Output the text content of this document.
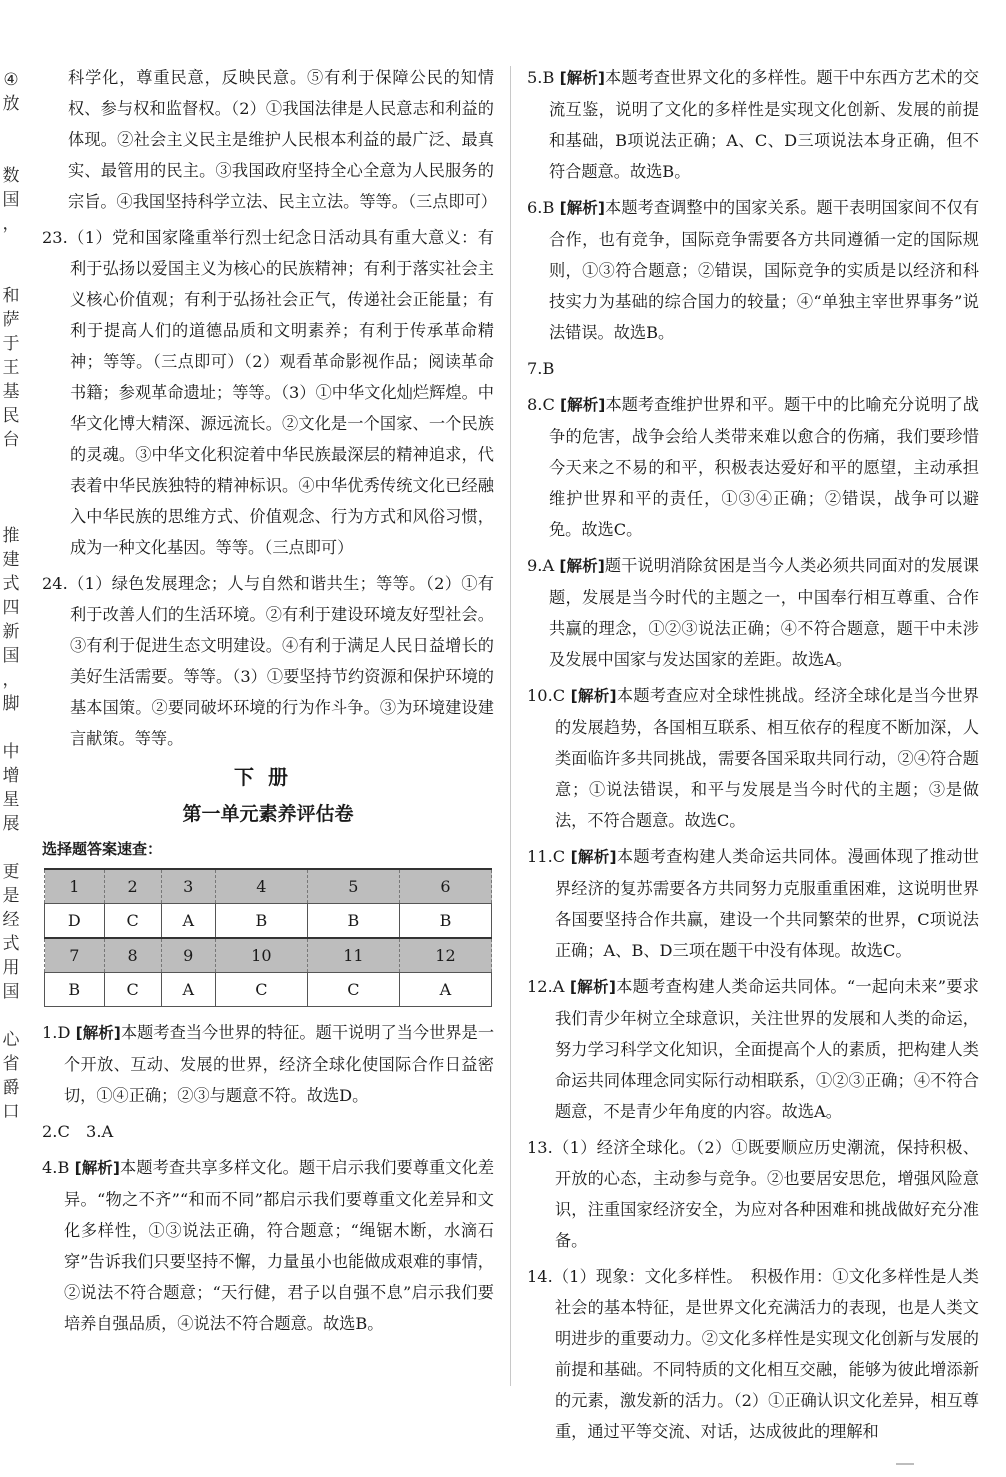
④
放

数
国
，

和
萨
于
王
基
民
台

推
建
式
四
新
国
，
脚

中
增
星
展

更
是
经
式
用
国

心
省
爵
口
科学化，尊重民意，反映民意。⑤有利于保障公民的知情权、参与权和监督权。（2）①我国法律是人民意志和利益的体现。②社会主义民主是维护人民根本利益的最广泛、最真实、最管用的民主。③我国政府坚持全心全意为人民服务的宗旨。④我国坚持科学立法、民主立法。等等。（三点即可）
23.（1）党和国家隆重举行烈士纪念日活动具有重大意义：有利于弘扬以爱国主义为核心的民族精神；有利于落实社会主义核心价值观；有利于弘扬社会正气，传递社会正能量；有利于提高人们的道德品质和文明素养；有利于传承革命精神；等等。（三点即可）（2）观看革命影视作品；阅读革命书籍；参观革命遗址；等等。（3）①中华文化灿烂辉煌。中华文化博大精深、源远流长。②文化是一个国家、一个民族的灵魂。③中华文化积淀着中华民族最深层的精神追求，代表着中华民族独特的精神标识。④中华优秀传统文化已经融入中华民族的思维方式、价值观念、行为方式和风俗习惯，成为一种文化基因。等等。（三点即可）
24.（1）绿色发展理念；人与自然和谐共生；等等。（2）①有利于改善人们的生活环境。②有利于建设环境友好型社会。③有利于促进生态文明建设。④有利于满足人民日益增长的美好生活需要。等等。（3）①要坚持节约资源和保护环境的基本国策。②要同破坏环境的行为作斗争。③为环境建设建言献策。等等。
下册
第一单元素养评估卷
选择题答案速查：
1	2	3	4	5	6
D	C	A	B	B	B
7	8	9	10	11	12
B	C	A	C	C	A
1.D [解析]本题考查当今世界的特征。题干说明了当今世界是一个开放、互动、发展的世界，经济全球化使国际合作日益密切，①④正确；②③与题意不符。故选D。
2.C　3.A
4.B [解析]本题考查共享多样文化。题干启示我们要尊重文化差异。“物之不齐”“和而不同”都启示我们要尊重文化差异和文化多样性，①③说法正确，符合题意；“绳锯木断，水滴石穿”告诉我们只要坚持不懈，力量虽小也能做成艰难的事情，②说法不符合题意；“天行健，君子以自强不息”启示我们要培养自强品质，④说法不符合题意。故选B。
5.B [解析]本题考查世界文化的多样性。题干中东西方艺术的交流互鉴，说明了文化的多样性是实现文化创新、发展的前提和基础，B项说法正确；A、C、D三项说法本身正确，但不符合题意。故选B。
6.B [解析]本题考查调整中的国家关系。题干表明国家间不仅有合作，也有竞争，国际竞争需要各方共同遵循一定的国际规则，①③符合题意；②错误，国际竞争的实质是以经济和科技实力为基础的综合国力的较量；④“单独主宰世界事务”说法错误。故选B。
7.B
8.C [解析]本题考查维护世界和平。题干中的比喻充分说明了战争的危害，战争会给人类带来难以愈合的伤痛，我们要珍惜今天来之不易的和平，积极表达爱好和平的愿望，主动承担维护世界和平的责任，①③④正确；②错误，战争可以避免。故选C。
9.A [解析]题干说明消除贫困是当今人类必须共同面对的发展课题，发展是当今时代的主题之一，中国奉行相互尊重、合作共赢的理念，①②③说法正确；④不符合题意，题干中未涉及发展中国家与发达国家的差距。故选A。
10.C [解析]本题考查应对全球性挑战。经济全球化是当今世界的发展趋势，各国相互联系、相互依存的程度不断加深，人类面临许多共同挑战，需要各国采取共同行动，②④符合题意；①说法错误，和平与发展是当今时代的主题；③是做法，不符合题意。故选C。
11.C [解析]本题考查构建人类命运共同体。漫画体现了推动世界经济的复苏需要各方共同努力克服重重困难，这说明世界各国要坚持合作共赢，建设一个共同繁荣的世界，C项说法正确；A、B、D三项在题干中没有体现。故选C。
12.A [解析]本题考查构建人类命运共同体。“一起向未来”要求我们青少年树立全球意识，关注世界的发展和人类的命运，努力学习科学文化知识，全面提高个人的素质，把构建人类命运共同体理念同实际行动相联系，①②③正确；④不符合题意，不是青少年角度的内容。故选A。
13.（1）经济全球化。（2）①既要顺应历史潮流，保持积极、开放的心态，主动参与竞争。②也要居安思危，增强风险意识，注重国家经济安全，为应对各种困难和挑战做好充分准备。
14.（1）现象：文化多样性。　积极作用：①文化多样性是人类社会的基本特征，是世界文化充满活力的表现，也是人类文明进步的重要动力。②文化多样性是实现文化创新与发展的前提和基础。不同特质的文化相互交融，能够为彼此增添新的元素，激发新的活力。（2）①正确认识文化差异，相互尊重，通过平等交流、对话，达成彼此的理解和
